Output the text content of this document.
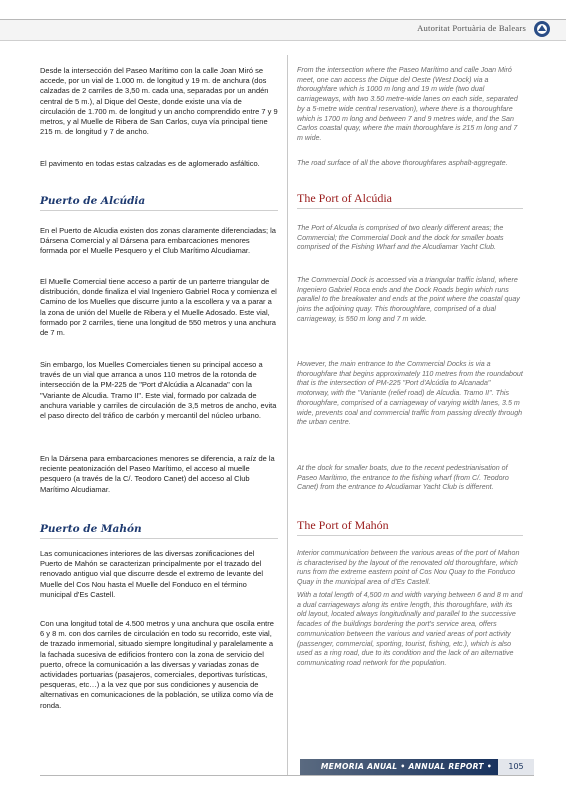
Autoritat Portuària de Balears

Desde la intersección del Paseo Marítimo con la calle Joan Miró se accede, por un vial de 1.000 m. de longitud y 19 m. de anchura (dos calzadas de 2 carriles de 3,50 m. cada una, separadas por un andén central de 5 m.), al Dique del Oeste, donde existe una vía de circulación de 1.700 m. de longitud y un ancho comprendido entre 7 y 9 metros, y al Muelle de Ribera de San Carlos, cuya vía principal tiene 215 m. de longitud y 7 de ancho.

El pavimento en todas estas calzadas es de aglomerado asfáltico.

Puerto de Alcúdia

En el Puerto de Alcudia existen dos zonas claramente diferenciadas; la Dársena Comercial y al Dársena para embarcaciones menores formada por el Muelle Pesquero y el Club Marítimo Alcudiamar.

El Muelle Comercial tiene acceso a partir de un parterre triangular de distribución, donde finaliza el vial Ingeniero Gabriel Roca y comienza el Camino de los Muelles que discurre junto a la escollera y va a parar a la zona de unión del Muelle de Ribera y el Muelle Adosado. Este vial, formado por 2 carriles, tiene una longitud de 550 metros y una anchura de 7 m.

Sin embargo, los Muelles Comerciales tienen su principal acceso a través de un vial que arranca a unos 110 metros de la rotonda de intersección de la PM-225 de "Port d'Alcúdia a Alcanada" con la "Variante de Alcudia. Tramo II". Este vial, formado por calzada de anchura variable y carriles de circulación de 3,5 metros de ancho, evita el paso directo del tráfico de carbón y mercantil del núcleo urbano.

En la Dársena para embarcaciones menores se diferencia, a raíz de la reciente peatonización del Paseo Marítimo, el acceso al muelle pesquero (a través de la C/. Teodoro Canet) del acceso al Club Marítimo Alcudiamar.

Puerto de Mahón

Las comunicaciones interiores de las diversas zonificaciones del Puerto de Mahón se caracterizan principalmente por el trazado del renovado antiguo vial que discurre desde el extremo de levante del Muelle del Cos Nou hasta el Muelle del Fonduco en el término municipal d'Es Castell.

Con una longitud total de 4.500 metros y una anchura que oscila entre 6 y 8 m. con dos carriles de circulación en todo su recorrido, este vial, de trazado inmemorial, situado siempre longitudinal y paralelamente a la fachada sucesiva de edificios frontero con la zona de servicio del puerto, ofrece la comunicación a las diversas y variadas zonas de actividades portuarias (pasajeros, comerciales, deportivas turísticas, pesqueras, etc…) a la vez que por sus condiciones y ausencia de alternativas en comunicaciones de la población, se utiliza como vía de ronda.

From the intersection where the Paseo Marítimo and calle Joan Miró meet, one can access the Dique del Oeste (West Dock) via a thoroughfare which is 1000 m long and 19 m wide (two dual carriageways, with two 3.50 metre-wide lanes on each side, separated by a 5-metre wide central reservation), where there is a thoroughfare which is 1700 m long and between 7 and 9 metres wide, and the San Carlos coastal quay, where the main thoroughfare is 215 m long and 7 m wide.

The road surface of all the above thoroughfares asphalt-aggregate.

The Port of Alcúdia

The Port of Alcudia is comprised of two clearly different areas; the Commercial; the Commercial Dock and the dock for smaller boats comprised of the Fishing Wharf and the Alcudiamar Yacht Club.

The Commercial Dock is accessed via a triangular traffic island, where Ingeniero Gabriel Roca ends and the Dock Roads begin which runs parallel to the breakwater and ends at the point where the coastal quay joins the adjoining quay. This thoroughfare, comprised of a dual carriageway, is 550 m long and 7 m wide.

However, the main entrance to the Commercial Docks is via a thoroughfare that begins approximately 110 metres from the roundabout that is the intersection of PM-225 "Port d'Alcúdia to Alcanada" motorway, with the "Variante (relief road) de Alcudia. Tramo II". This thoroughfare, comprised of a carriageway of varying width lanes, 3.5 m wide, prevents coal and commercial traffic from passing directly through the urban centre.

At the dock for smaller boats, due to the recent pedestrianisation of Paseo Marítimo, the entrance to the fishing wharf (from C/. Teodoro Canet) from the entrance to Alcudiamar Yacht Club is different.

The Port of Mahón

Interior communication between the various areas of the port of Mahon is characterised by the layout of the renovated old thoroughfare, which runs from the extreme eastern point of Cos Nou Quay to the Fonduco Quay in the municipal area of d'Es Castell.

With a total length of 4,500 m and width varying between 6 and 8 m and a dual carriageways along its entire length, this thoroughfare, with its old layout, located always longitudinally and parallel to the successive facades of the buildings bordering the port's service area, offers communication between the various and varied areas of port activity (passenger, commercial, sporting, tourist, fishing, etc.), which is also used as a ring road, due to its condition and the lack of an alternative communicating road network for the population.

MEMORIA ANUAL • ANNUAL REPORT • 2006
105
